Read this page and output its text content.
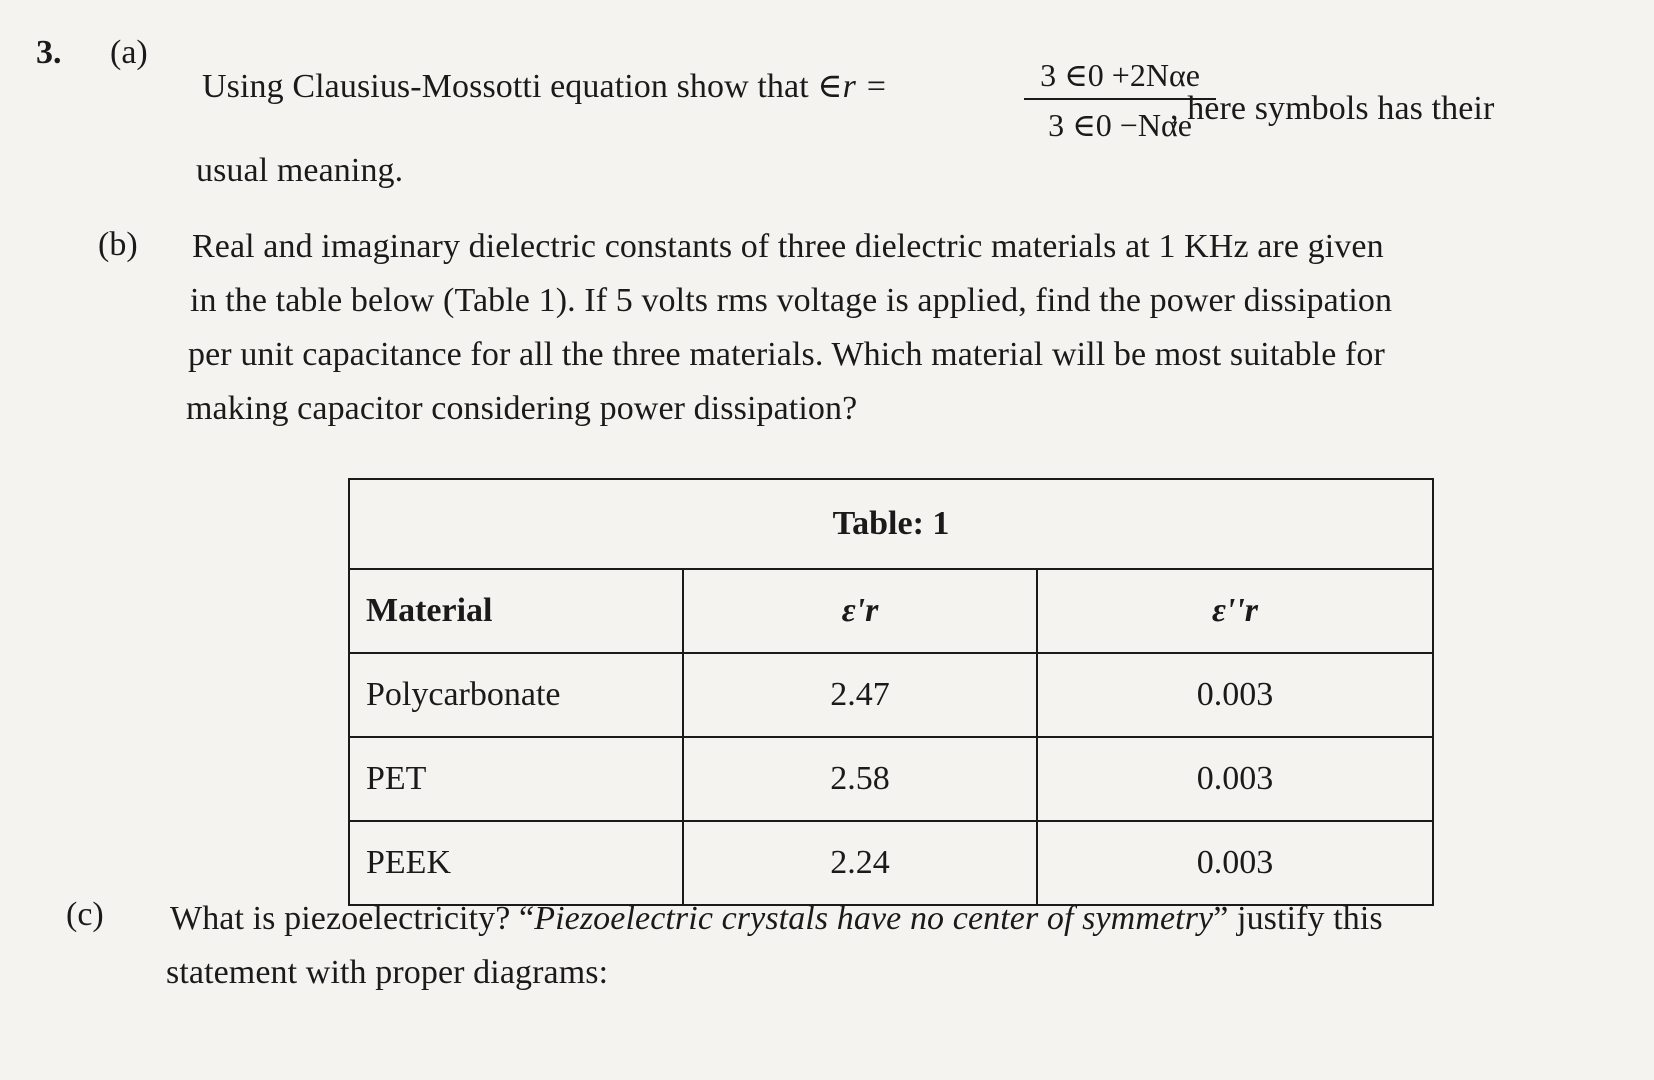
3. (a)
Using Clausius-Mossotti equation show that ∈r =	3 ∈0 +2Nαe
3 ∈0 −Nαe
, here symbols has their
usual meaning.
(b) Real and imaginary dielectric constants of three dielectric materials at 1 KHz are given
in the table below (Table 1). If 5 volts rms voltage is applied, find the power dissipation
per unit capacitance for all the three materials. Which material will be most suitable for
making capacitor considering power dissipation?
Table: 1		
Material	ε'r	ε''r
Polycarbonate	2.47	0.003
PET	2.58	0.003
PEEK	2.24	0.003
(c) What is piezoelectricity? “Piezoelectric crystals have no center of symmetry” justify this
statement with proper diagrams:
